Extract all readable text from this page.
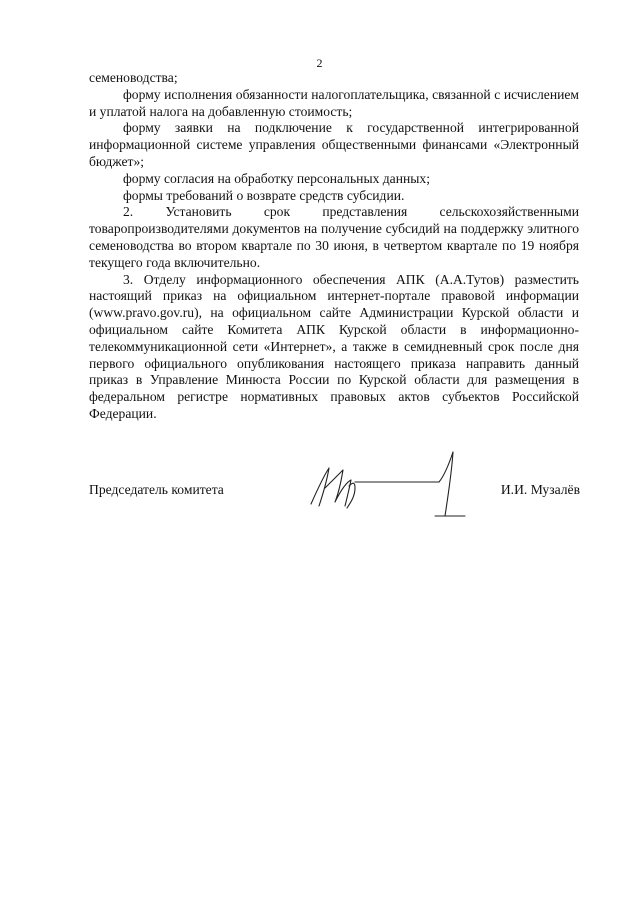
2

семеноводства;

форму исполнения обязанности налогоплательщика, связанной с исчислением и уплатой налога на добавленную стоимость;

форму заявки на подключение к государственной интегрированной информационной системе управления общественными финансами «Электронный бюджет»;

форму согласия на обработку персональных данных;

формы требований о возврате средств субсидии.

2. Установить срок представления сельскохозяйственными товаропроизводителями документов на получение субсидий на поддержку элитного семеноводства во втором квартале по 30 июня, в четвертом квартале по 19 ноября текущего года включительно.

3. Отделу информационного обеспечения АПК (А.А.Тутов) разместить настоящий приказ на официальном интернет-портале правовой информации (www.pravo.gov.ru), на официальном сайте Администрации Курской области и официальном сайте Комитета АПК Курской области в информационно-телекоммуникационной сети «Интернет», а также в семидневный срок после дня первого официального опубликования настоящего приказа направить данный приказ в Управление Минюста России по Курской области для размещения в федеральном регистре нормативных правовых актов субъектов Российской Федерации.

Председатель комитета	И.И. Музалёв
